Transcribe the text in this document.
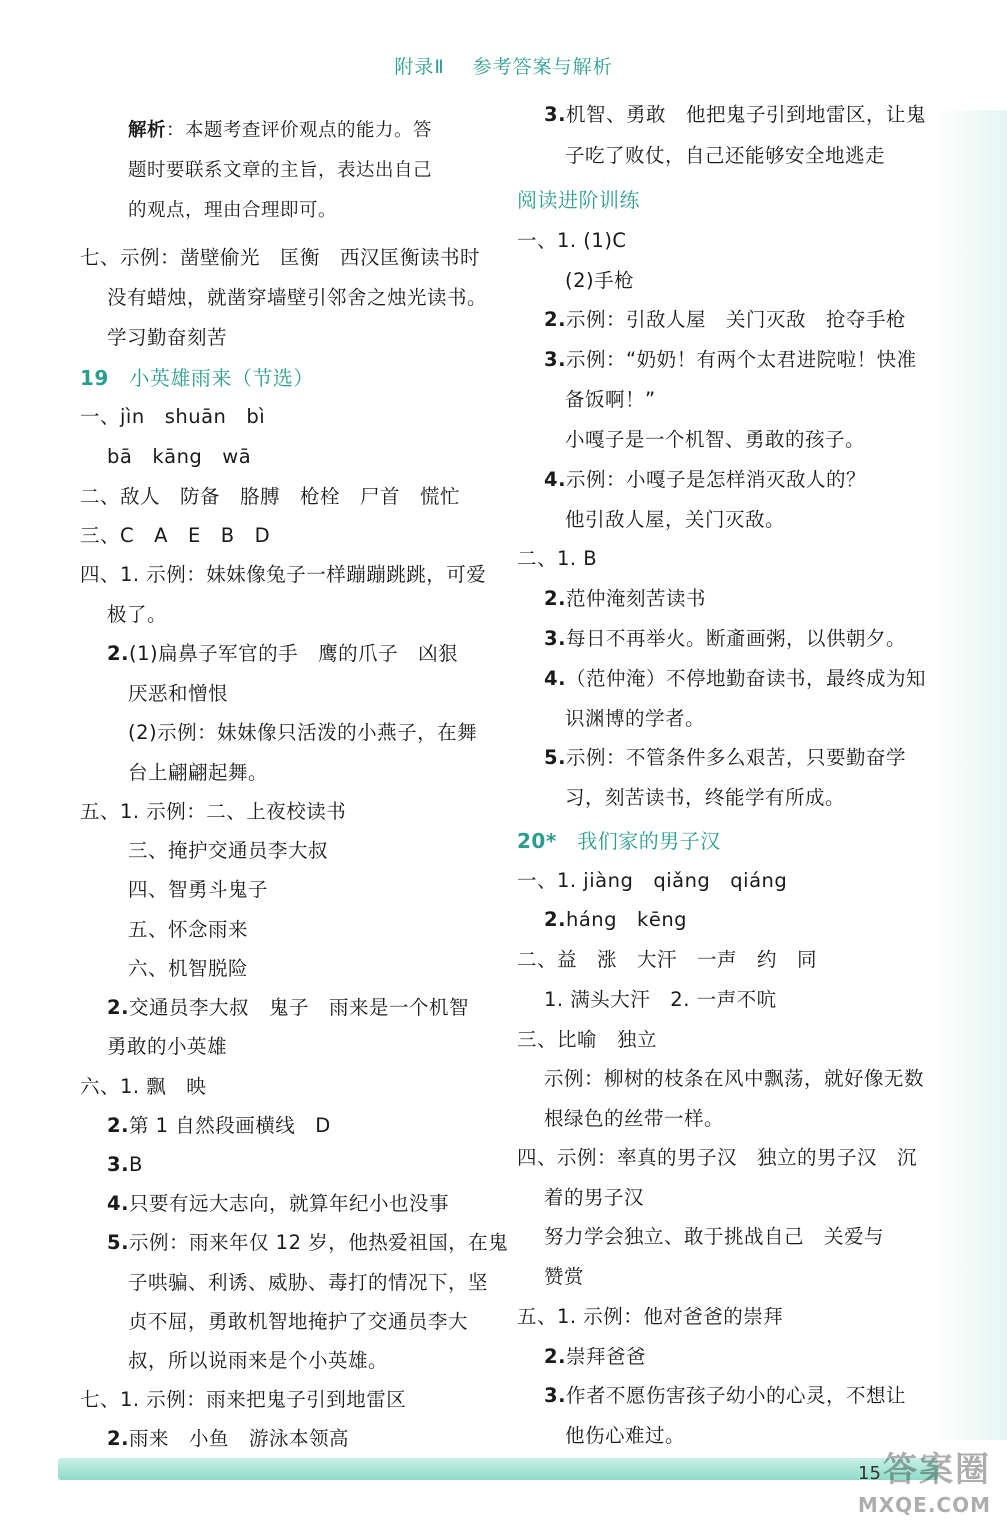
附录Ⅱ 参考答案与解析
解析：本题考查评价观点的能力。答
题时要联系文章的主旨，表达出自己
的观点，理由合理即可。
七、示例：凿壁偷光　匡衡　西汉匡衡读书时
没有蜡烛，就凿穿墙壁引邻舍之烛光读书。
学习勤奋刻苦
19　小英雄雨来（节选）
一、jìn　shuān　bì
bā　kāng　wā
二、敌人　防备　胳膊　枪栓　尸首　慌忙
三、C　A　E　B　D
四、1. 示例：妹妹像兔子一样蹦蹦跳跳，可爱
极了。
2.(1)扁鼻子军官的手　鹰的爪子　凶狠
厌恶和憎恨
(2)示例：妹妹像只活泼的小燕子，在舞
台上翩翩起舞。
五、1. 示例：二、上夜校读书
三、掩护交通员李大叔
四、智勇斗鬼子
五、怀念雨来
六、机智脱险
2.交通员李大叔　鬼子　雨来是一个机智
勇敢的小英雄
六、1. 飘　映
2.第 1 自然段画横线　D
3.B
4.只要有远大志向，就算年纪小也没事
5.示例：雨来年仅 12 岁，他热爱祖国，在鬼
子哄骗、利诱、威胁、毒打的情况下，坚
贞不屈，勇敢机智地掩护了交通员李大
叔，所以说雨来是个小英雄。
七、1. 示例：雨来把鬼子引到地雷区
2.雨来　小鱼　游泳本领高
3.机智、勇敢　他把鬼子引到地雷区，让鬼
子吃了败仗，自己还能够安全地逃走
阅读进阶训练
一、1. (1)C
(2)手枪
2.示例：引敌人屋　关门灭敌　抢夺手枪
3.示例：“奶奶！有两个太君进院啦！快准
备饭啊！”
小嘎子是一个机智、勇敢的孩子。
4.示例：小嘎子是怎样消灭敌人的？
他引敌人屋，关门灭敌。
二、1. B
2.范仲淹刻苦读书
3.每日不再举火。断齑画粥，以供朝夕。
4.（范仲淹）不停地勤奋读书，最终成为知
识渊博的学者。
5.示例：不管条件多么艰苦，只要勤奋学
习，刻苦读书，终能学有所成。
20*　我们家的男子汉
一、1. jiàng　qiǎng　qiáng
2.háng　kēng
二、益　涨　大汗　一声　约　同
1. 满头大汗　2. 一声不吭
三、比喻　独立
示例：柳树的枝条在风中飘荡，就好像无数
根绿色的丝带一样。
四、示例：率真的男子汉　独立的男子汉　沉
着的男子汉
努力学会独立、敢于挑战自己　关爱与
赞赏
五、1. 示例：他对爸爸的崇拜
2.崇拜爸爸
3.作者不愿伤害孩子幼小的心灵，不想让
他伤心难过。
15 答案圈
MXQE.COM
